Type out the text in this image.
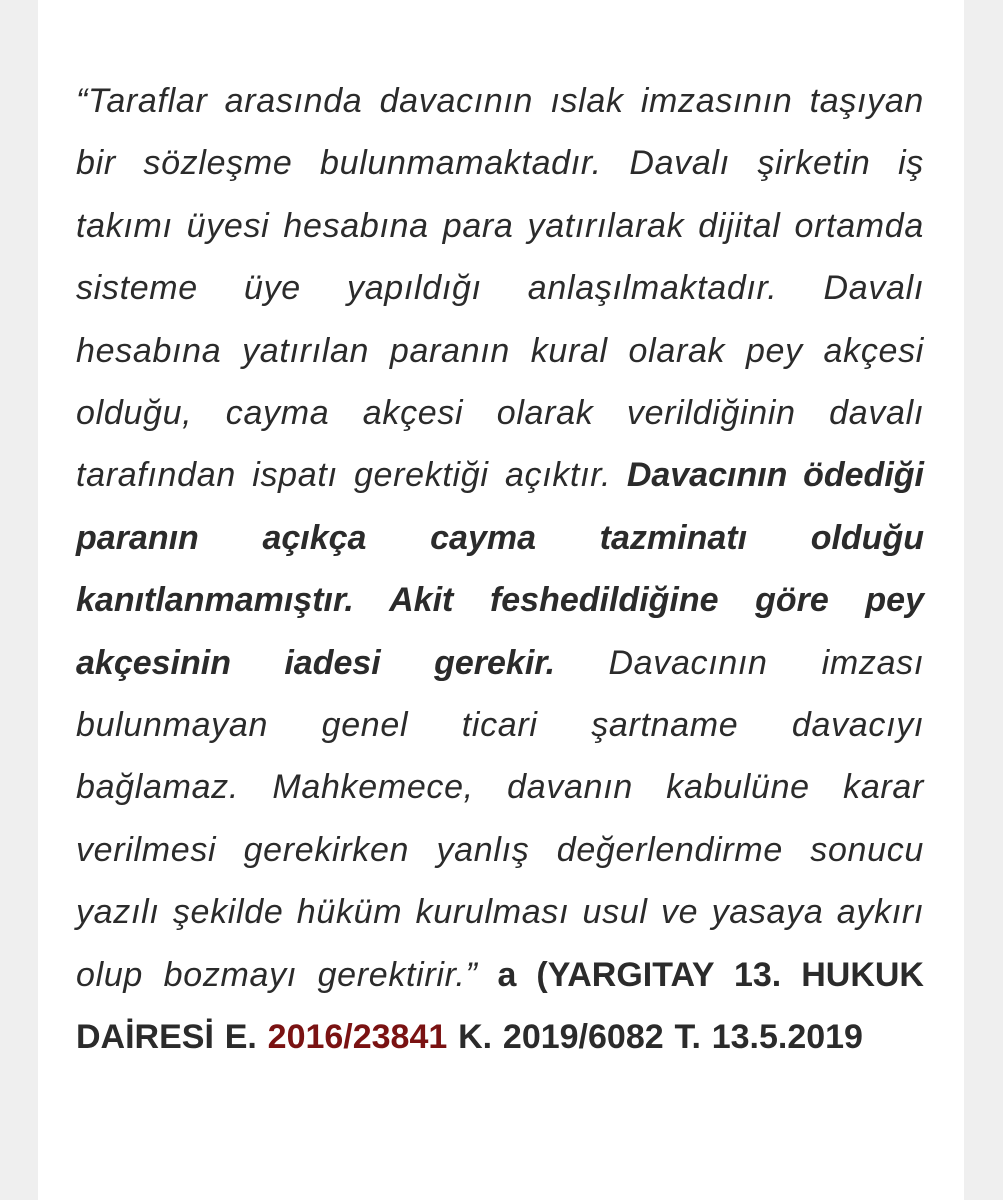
“Taraflar arasında davacının ıslak imzasının taşıyan bir sözleşme bulunmamaktadır. Davalı şirketin iş takımı üyesi hesabına para yatırılarak dijital ortamda sisteme üye yapıldığı anlaşılmaktadır. Davalı hesabına yatırılan paranın kural olarak pey akçesi olduğu, cayma akçesi olarak verildiğinin davalı tarafından ispatı gerektiği açıktır. Davacının ödediği paranın açıkça cayma tazminatı olduğu kanıtlanmamıştır. Akit feshedildiğine göre pey akçesinin iadesi gerekir. Davacının imzası bulunmayan genel ticari şartname davacıyı bağlamaz. Mahkemece, davanın kabulüne karar verilmesi gerekirken yanlış değerlendirme sonucu yazılı şekilde hüküm kurulması usul ve yasaya aykırı olup bozmayı gerektirir.” a (YARGITAY 13. HUKUK DAİRESİ E. 2016/23841 K. 2019/6082 T. 13.5.2019
